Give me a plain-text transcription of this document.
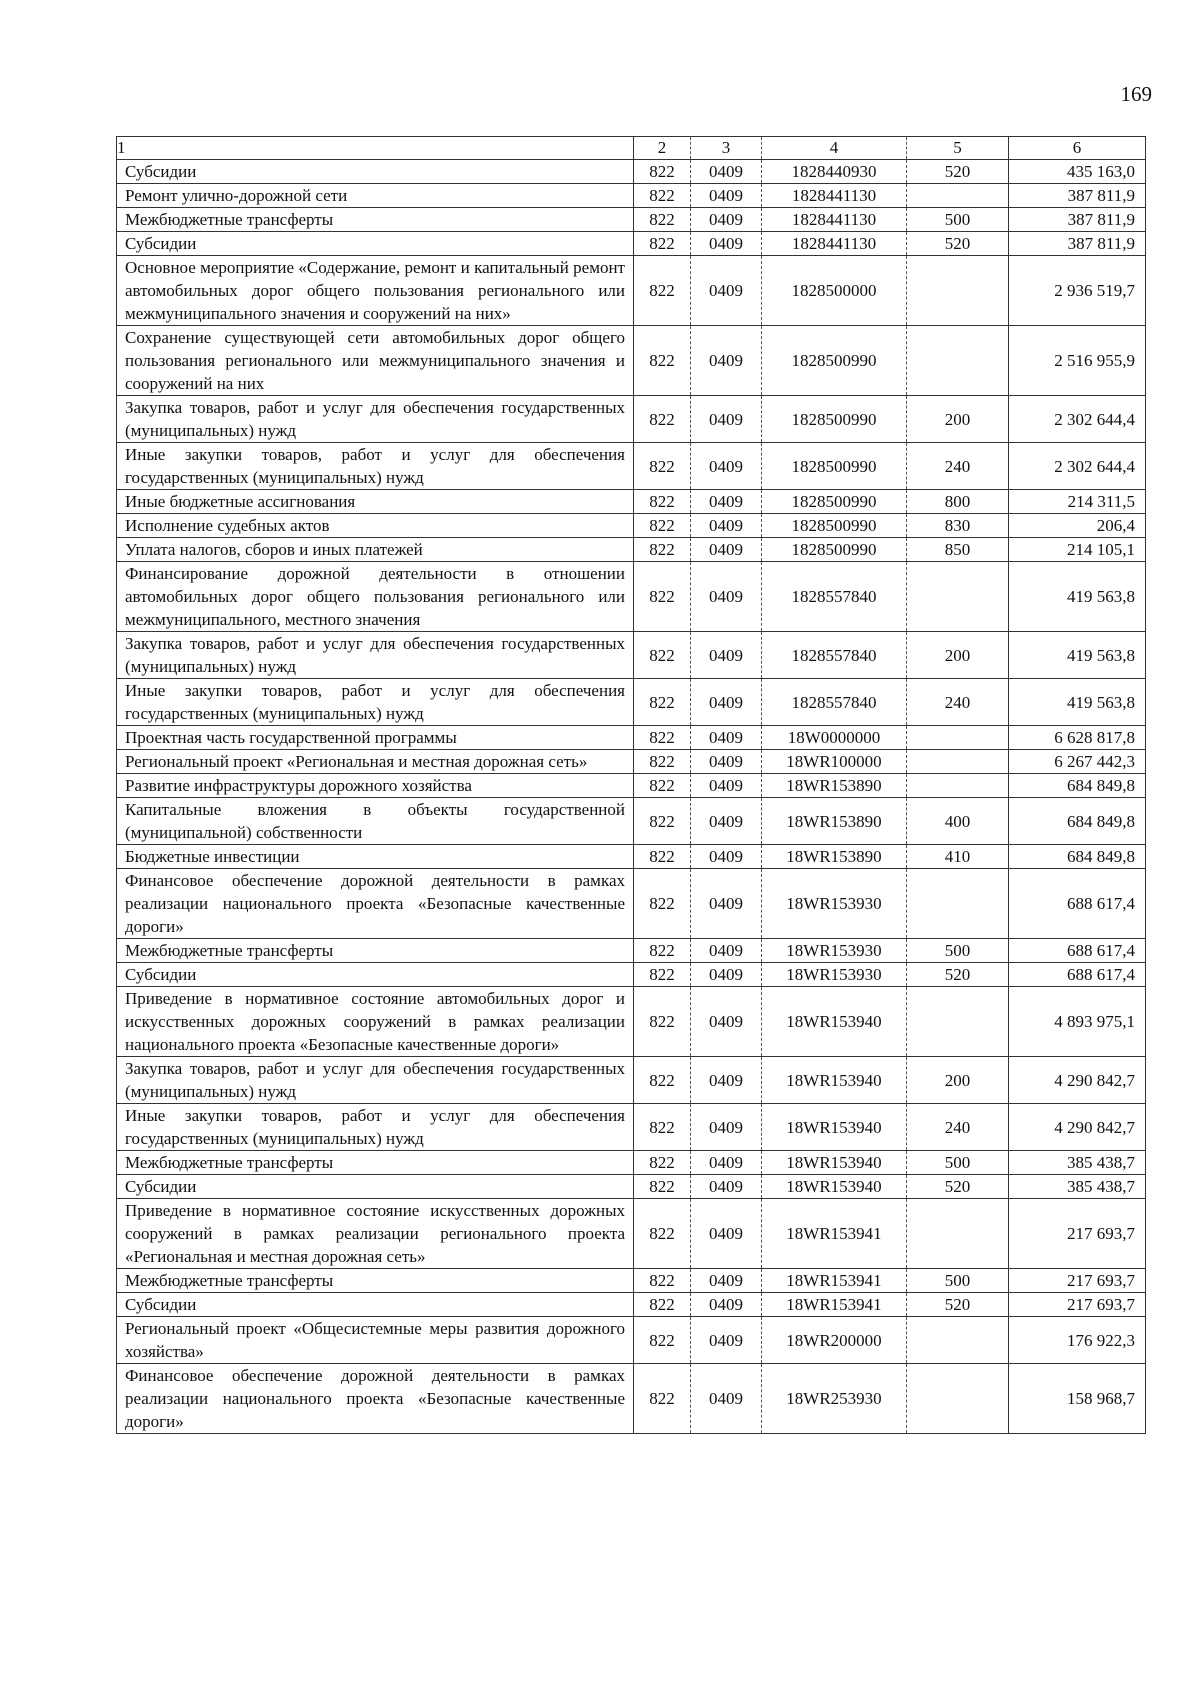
169
1	2	3	4	5	6
Субсидии	822	0409	1828440930	520	435 163,0
Ремонт улично-дорожной сети	822	0409	1828441130		387 811,9
Межбюджетные трансферты	822	0409	1828441130	500	387 811,9
Субсидии	822	0409	1828441130	520	387 811,9
Основное мероприятие «Содержание, ремонт и капитальный ремонт автомобильных дорог общего пользования регионального или межмуниципального значения и сооружений на них»	822	0409	1828500000		2 936 519,7
Сохранение существующей сети автомобильных дорог общего пользования регионального или межмуниципального значения и сооружений на них	822	0409	1828500990		2 516 955,9
Закупка товаров, работ и услуг для обеспечения государственных (муниципальных) нужд	822	0409	1828500990	200	2 302 644,4
Иные закупки товаров, работ и услуг для обеспечения государственных (муниципальных) нужд	822	0409	1828500990	240	2 302 644,4
Иные бюджетные ассигнования	822	0409	1828500990	800	214 311,5
Исполнение судебных актов	822	0409	1828500990	830	206,4
Уплата налогов, сборов и иных платежей	822	0409	1828500990	850	214 105,1
Финансирование дорожной деятельности в отношении автомобильных дорог общего пользования регионального или межмуниципального, местного значения	822	0409	1828557840		419 563,8
Закупка товаров, работ и услуг для обеспечения государственных (муниципальных) нужд	822	0409	1828557840	200	419 563,8
Иные закупки товаров, работ и услуг для обеспечения государственных (муниципальных) нужд	822	0409	1828557840	240	419 563,8
Проектная часть государственной программы	822	0409	18W0000000		6 628 817,8
Региональный проект «Региональная и местная дорожная сеть»	822	0409	18WR100000		6 267 442,3
Развитие инфраструктуры дорожного хозяйства	822	0409	18WR153890		684 849,8
Капитальные вложения в объекты государственной (муниципальной) собственности	822	0409	18WR153890	400	684 849,8
Бюджетные инвестиции	822	0409	18WR153890	410	684 849,8
Финансовое обеспечение дорожной деятельности в рамках реализации национального проекта «Безопасные качественные дороги»	822	0409	18WR153930		688 617,4
Межбюджетные трансферты	822	0409	18WR153930	500	688 617,4
Субсидии	822	0409	18WR153930	520	688 617,4
Приведение в нормативное состояние автомобильных дорог и искусственных дорожных сооружений в рамках реализации национального проекта «Безопасные качественные дороги»	822	0409	18WR153940		4 893 975,1
Закупка товаров, работ и услуг для обеспечения государственных (муниципальных) нужд	822	0409	18WR153940	200	4 290 842,7
Иные закупки товаров, работ и услуг для обеспечения государственных (муниципальных) нужд	822	0409	18WR153940	240	4 290 842,7
Межбюджетные трансферты	822	0409	18WR153940	500	385 438,7
Субсидии	822	0409	18WR153940	520	385 438,7
Приведение в нормативное состояние искусственных дорожных сооружений в рамках реализации регионального проекта «Региональная и местная дорожная сеть»	822	0409	18WR153941		217 693,7
Межбюджетные трансферты	822	0409	18WR153941	500	217 693,7
Субсидии	822	0409	18WR153941	520	217 693,7
Региональный проект «Общесистемные меры развития дорожного хозяйства»	822	0409	18WR200000		176 922,3
Финансовое обеспечение дорожной деятельности в рамках реализации национального проекта «Безопасные качественные дороги»	822	0409	18WR253930		158 968,7
